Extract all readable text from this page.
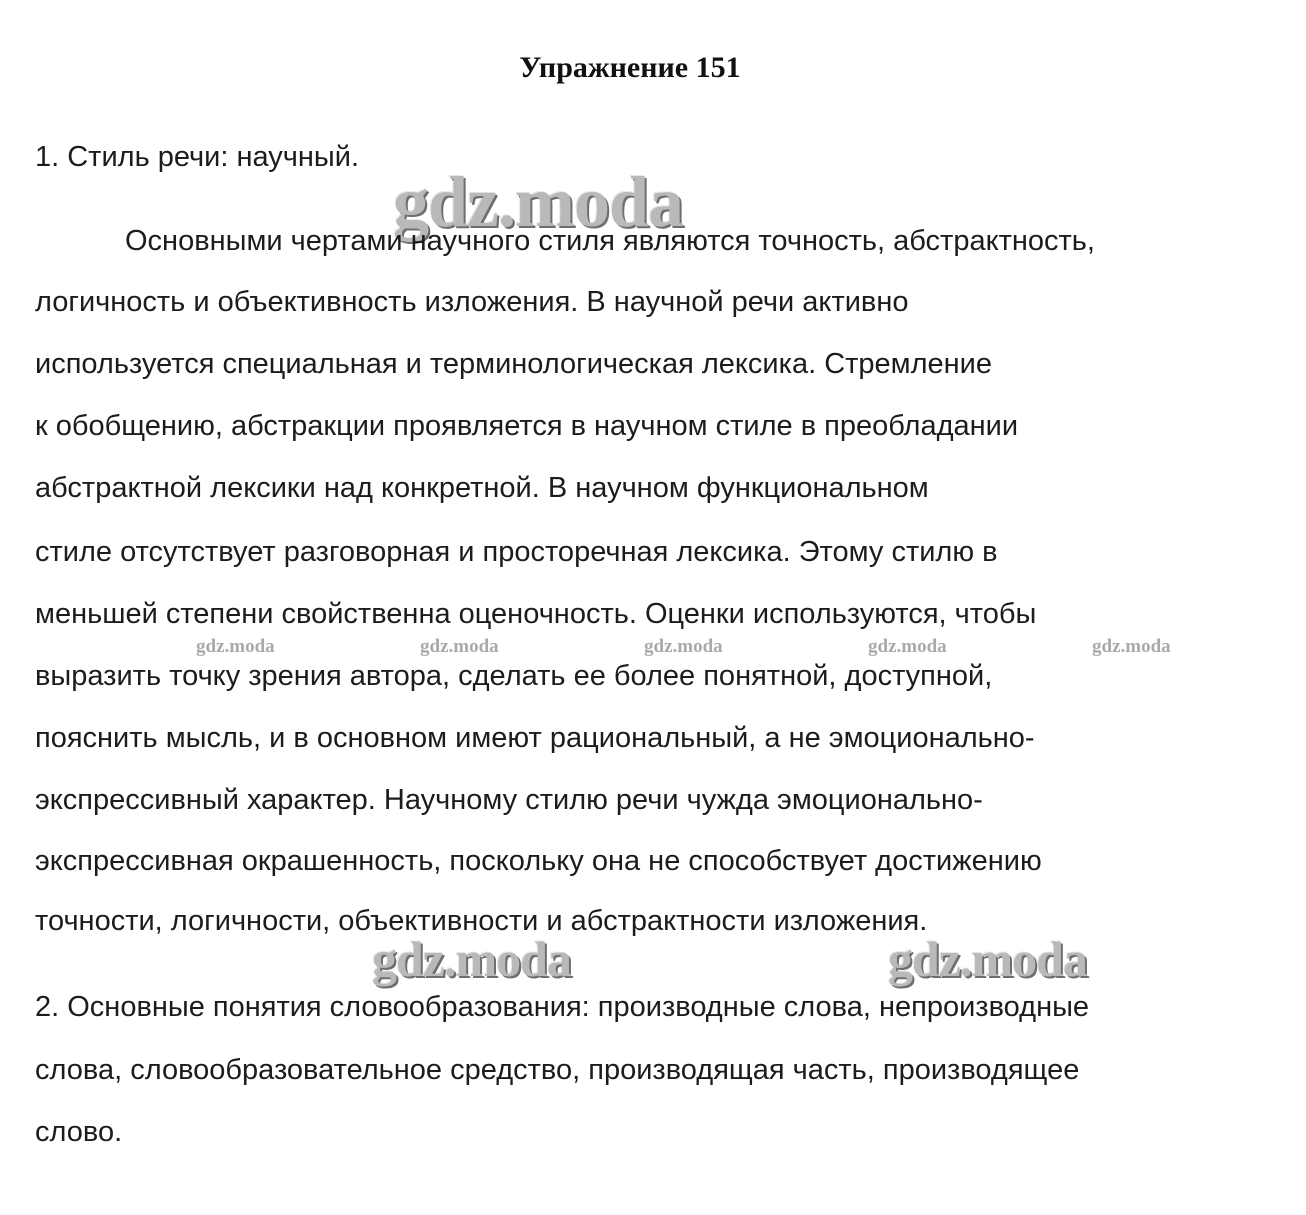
Упражнение 151
1. Стиль речи: научный.
gdz.moda
Основными чертами научного стиля являются точность, абстрактность,
логичность и объективность изложения. В научной речи активно
используется специальная и терминологическая лексика. Стремление
к обобщению, абстракции проявляется в научном стиле в преобладании
абстрактной лексики над конкретной. В научном функциональном
стиле отсутствует разговорная и просторечная лексика. Этому стилю в
меньшей степени свойственна оценочность. Оценки используются, чтобы
gdz.moda	gdz.moda	gdz.moda	gdz.moda	gdz.moda
выразить точку зрения автора, сделать ее более понятной, доступной,
пояснить мысль, и в основном имеют рациональный, а не эмоционально-
экспрессивный характер. Научному стилю речи чужда эмоционально-
экспрессивная окрашенность, поскольку она не способствует достижению
точности, логичности, объективности и абстрактности изложения.
gdz.moda	gdz.moda
2. Основные понятия словообразования: производные слова, непроизводные
слова, словообразовательное средство, производящая часть, производящее
слово.
